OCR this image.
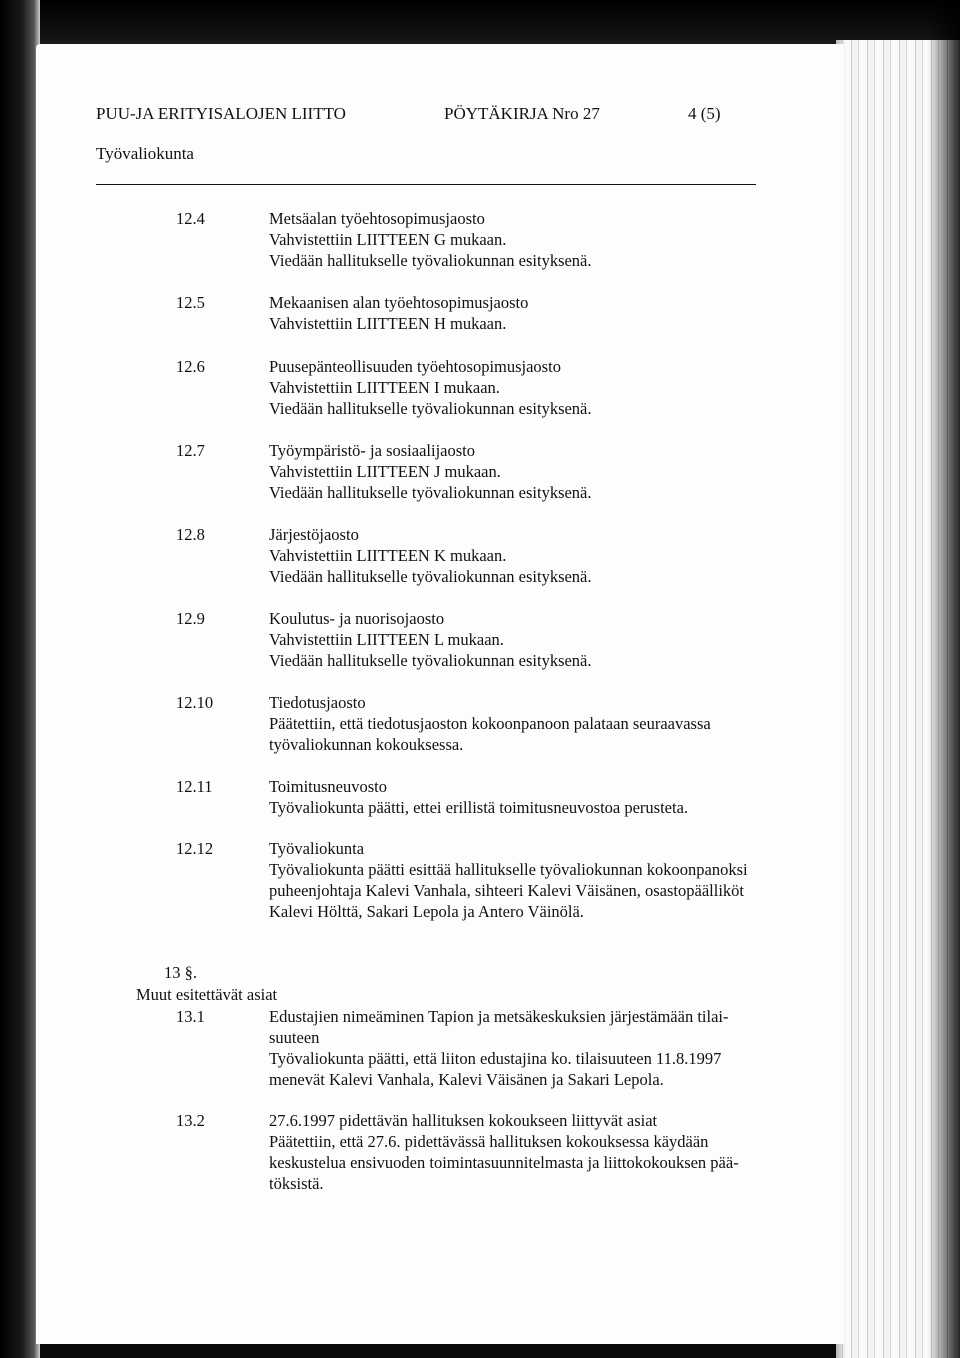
PUU-JA ERITYISALOJEN LIITTO	PÖYTÄKIRJA Nro 27	4 (5)
Työvaliokunta
12.4	Metsäalan työehtosopimusjaosto
Vahvistettiin LIITTEEN G mukaan.
Viedään hallitukselle työvaliokunnan esityksenä.
12.5	Mekaanisen alan työehtosopimusjaosto
Vahvistettiin LIITTEEN H mukaan.
12.6	Puusepänteollisuuden työehtosopimusjaosto
Vahvistettiin LIITTEEN I mukaan.
Viedään hallitukselle työvaliokunnan esityksenä.
12.7	Työympäristö- ja sosiaalijaosto
Vahvistettiin LIITTEEN J mukaan.
Viedään hallitukselle työvaliokunnan esityksenä.
12.8	Järjestöjaosto
Vahvistettiin LIITTEEN K mukaan.
Viedään hallitukselle työvaliokunnan esityksenä.
12.9	Koulutus- ja nuorisojaosto
Vahvistettiin LIITTEEN L mukaan.
Viedään hallitukselle työvaliokunnan esityksenä.
12.10	Tiedotusjaosto
Päätettiin, että tiedotusjaoston kokoonpanoon palataan seuraavassa
työvaliokunnan kokouksessa.
12.11	Toimitusneuvosto
Työvaliokunta päätti, ettei erillistä toimitusneuvostoa perusteta.
12.12	Työvaliokunta
Työvaliokunta päätti esittää hallitukselle työvaliokunnan kokoonpanoksi
puheenjohtaja Kalevi Vanhala, sihteeri Kalevi Väisänen, osastopäälliköt
Kalevi Hölttä, Sakari Lepola ja Antero Väinölä.
13 §.
Muut esitettävät asiat
13.1	Edustajien nimeäminen Tapion ja metsäkeskuksien järjestämään tilai-
suuteen
Työvaliokunta päätti, että liiton edustajina ko. tilaisuuteen 11.8.1997
menevät Kalevi Vanhala, Kalevi Väisänen ja Sakari Lepola.
13.2	27.6.1997 pidettävän hallituksen kokoukseen liittyvät asiat
Päätettiin, että 27.6. pidettävässä hallituksen kokouksessa käydään
keskustelua ensivuoden toimintasuunnitelmasta ja liittokokouksen pää-
töksistä.
